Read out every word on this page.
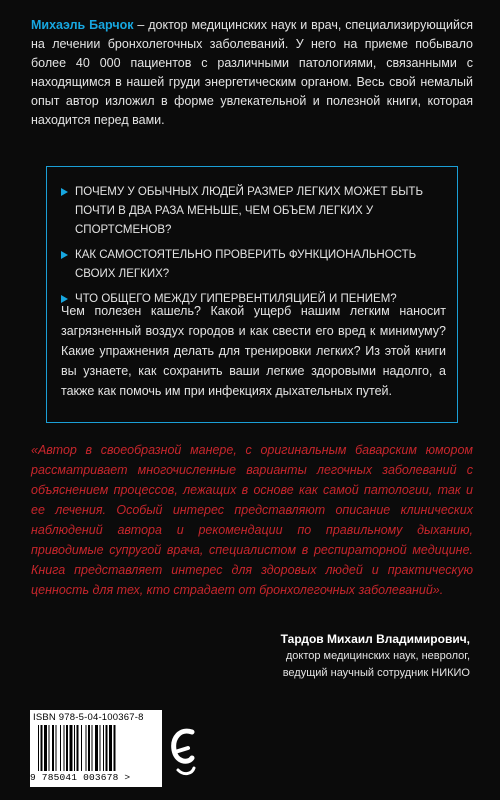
Михаэль Барчок – доктор медицинских наук и врач, специализирующийся на лечении бронхолегочных заболеваний. У него на приеме побывало более 40 000 пациентов с различными патологиями, связанными с находящимся в нашей груди энергетическим органом. Весь свой немалый опыт автор изложил в форме увлекательной и полезной книги, которая находится перед вами.

ПОЧЕМУ У ОБЫЧНЫХ ЛЮДЕЙ РАЗМЕР ЛЕГКИХ МОЖЕТ БЫТЬ ПОЧТИ В ДВА РАЗА МЕНЬШЕ, ЧЕМ ОБЪЕМ ЛЕГКИХ У СПОРТСМЕНОВ?
КАК САМОСТОЯТЕЛЬНО ПРОВЕРИТЬ ФУНКЦИОНАЛЬНОСТЬ СВОИХ ЛЕГКИХ?
ЧТО ОБЩЕГО МЕЖДУ ГИПЕРВЕНТИЛЯЦИЕЙ И ПЕНИЕМ?

Чем полезен кашель? Какой ущерб нашим легким наносит загрязненный воздух городов и как свести его вред к минимуму? Какие упражнения делать для тренировки легких? Из этой книги вы узнаете, как сохранить ваши легкие здоровыми надолго, а также как помочь им при инфекциях дыхательных путей.

«Автор в своеобразной манере, с оригинальным баварским юмором рассматривает многочисленные варианты легочных заболеваний с объяснением процессов, лежащих в основе как самой патологии, так и ее лечения. Особый интерес представляют описание клинических наблюдений автора и рекомендации по правильному дыханию, приводимые супругой врача, специалистом в респираторной медицине. Книга представляет интерес для здоровых людей и практическую ценность для тех, кто страдает от бронхолегочных заболеваний».

Тардов Михаил Владимирович,
доктор медицинских наук, невролог,
ведущий научный сотрудник НИКИО
ISBN 978-5-04-100367-8
9 785041 003678 >
